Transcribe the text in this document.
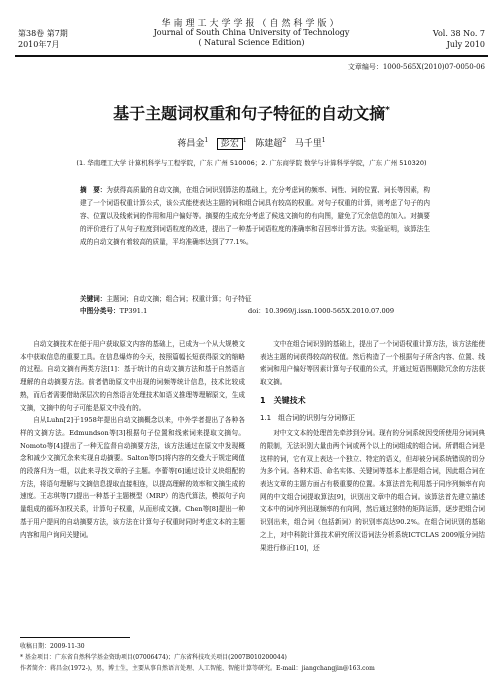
华南理工大学学报（自然科学版）
Journal of South China University of Technology
( Natural Science Edition)
第38卷 第7期
2010年7月
Vol. 38 No. 7
July 2010
文章编号：1000-565X(2010)07-0050-06
基于主题词权重和句子特征的自动文摘*
蒋昌金$^1$ 彭宏 $^1$ 陈建超$^2$ 马千里$^1$
(1. 华南理工大学 计算机科学与工程学院，广东 广州 510006；2. 广东商学院 数学与计算科学学院，广东 广州 510320)
摘　要：为获得高质量的自动文摘，在组合词识别算法的基础上，充分考虑词的频率、词性、词的位置、词长等因素，构建了一个词语权重计算公式，该公式能使表达主题的词和组合词具有较高的权重。对句子权重的计算，则考虑了句子的内容、位置以及线索词的作用和用户偏好等。摘要的生成充分考虑了候选文摘句的有向图，避免了冗余信息的加入。对摘要的评价进行了从句子粒度到词语粒度的改进，提出了一种基于词语粒度的准确率和召回率计算方法。实验证明，该算法生成的自动文摘有着较高的质量，平均准确率达到了77.1%。
关键词：主题词；自动文摘；组合词；权重计算；句子特征
中图分类号：TP391.1	doi：10.3969/j.issn.1000-565X.2010.07.009

自动文摘技术在便于用户获取原文内容的基础上，已成为一个从大规模文本中获取信息的重要工具。在信息爆炸的今天，按照篇幅长短获得原文的缩略的过程。自动文摘有两类方法[1]：基于统计的自动文摘方法和基于自然语言理解的自动摘要方法。前者借助原文中出现的词频等统计信息，技术比较成熟，而后者需要借助深层次的自然语言处理技术如语义推理等理解原文，生成文摘，文摘中的句子可能是原文中没有的。

自从Luhn[2]于1958年提出自动文摘概念以来，中外学者提出了各种各样的文摘方法。Edmundson等[3]根据句子位置和线索词来提取文摘句。Nomoto等[4]提出了一种无监督自动摘要方法，该方法通过在原文中发现概念和减少文摘冗余来实现自动摘要。Salton等[5]将内容的交叠大于规定阈值的段落归为一组，以此来寻找文章的子主题。李蕾等[6]通过设计义块组配的方法，将语句理解与文摘信息提取直接相连，以提高理解的效率和文摘生成的速度。王志琪等[7]提出一种基于主题模型（MRP）的迭代算法，模拟句子向量组成的循环加权关系，计算句子权重，从而形成文摘。Chen等[8]提出一种基于用户提问的自动摘要方法，该方法在计算句子权重时同时考虑文本的主题内容和用户询问关键词。

文中在组合词识别的基础上，提出了一个词语权重计算方法，该方法能使表达主题的词获得较高的权值。然后构造了一个根据句子所含内容、位置、线索词和用户偏好等因素计算句子权重的公式，并通过短语图剔除冗余的方法获取文摘。

1　关键技术
1.1　组合词的识别与分词修正

对中文文本的处理首先牵涉到分词。现有的分词系统因受所使用分词词典的限制，无法识别大量由两个词或两个以上的词组成的组合词。所谓组合词是这样的词，它有双上表达一个独立、特定的语义，但却被分词系统错误的切分为多个词。各种术语、命名实体、关键词等基本上都是组合词，因此组合词在表达文章的主题方面占有极重要的位置。本算法首先利用基于同序列频率有向网的中文组合词提取算法[9]，识别出文章中的组合词。该算法首先建立描述文本中的词序列出现频率的有向网，然后通过独特的矩阵运算，逐步把组合词识别出来，组合词（包括新词）的识别率高达90.2%。在组合词识别的基础之上，对中科院计算技术研究所汉语词法分析系统ICTCLAS 2009版分词结果进行修正[10]，还

收稿日期：2009-11-30
* 基金项目：广东省自然科学基金资助项目(07006474)；广东省科技攻关项目(2007B010200044)
作者简介：蒋昌金(1972-)，男，博士生，主要从事自然语言处理、人工智能、智能计算等研究。E-mail：jiangchangjin@163.com
